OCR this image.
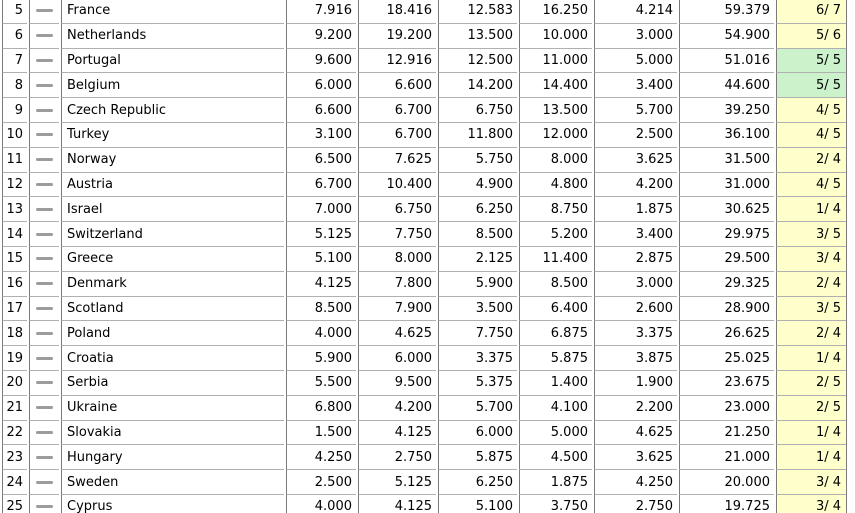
5		France	7.916	18.416	12.583	16.250	4.214	59.379	6/ 7
6		Netherlands	9.200	19.200	13.500	10.000	3.000	54.900	5/ 6
7		Portugal	9.600	12.916	12.500	11.000	5.000	51.016	5/ 5
8		Belgium	6.000	6.600	14.200	14.400	3.400	44.600	5/ 5
9		Czech Republic	6.600	6.700	6.750	13.500	5.700	39.250	4/ 5
10		Turkey	3.100	6.700	11.800	12.000	2.500	36.100	4/ 5
11		Norway	6.500	7.625	5.750	8.000	3.625	31.500	2/ 4
12		Austria	6.700	10.400	4.900	4.800	4.200	31.000	4/ 5
13		Israel	7.000	6.750	6.250	8.750	1.875	30.625	1/ 4
14		Switzerland	5.125	7.750	8.500	5.200	3.400	29.975	3/ 5
15		Greece	5.100	8.000	2.125	11.400	2.875	29.500	3/ 4
16		Denmark	4.125	7.800	5.900	8.500	3.000	29.325	2/ 4
17		Scotland	8.500	7.900	3.500	6.400	2.600	28.900	3/ 5
18		Poland	4.000	4.625	7.750	6.875	3.375	26.625	2/ 4
19		Croatia	5.900	6.000	3.375	5.875	3.875	25.025	1/ 4
20		Serbia	5.500	9.500	5.375	1.400	1.900	23.675	2/ 5
21		Ukraine	6.800	4.200	5.700	4.100	2.200	23.000	2/ 5
22		Slovakia	1.500	4.125	6.000	5.000	4.625	21.250	1/ 4
23		Hungary	4.250	2.750	5.875	4.500	3.625	21.000	1/ 4
24		Sweden	2.500	5.125	6.250	1.875	4.250	20.000	3/ 4
25		Cyprus	4.000	4.125	5.100	3.750	2.750	19.725	3/ 4
